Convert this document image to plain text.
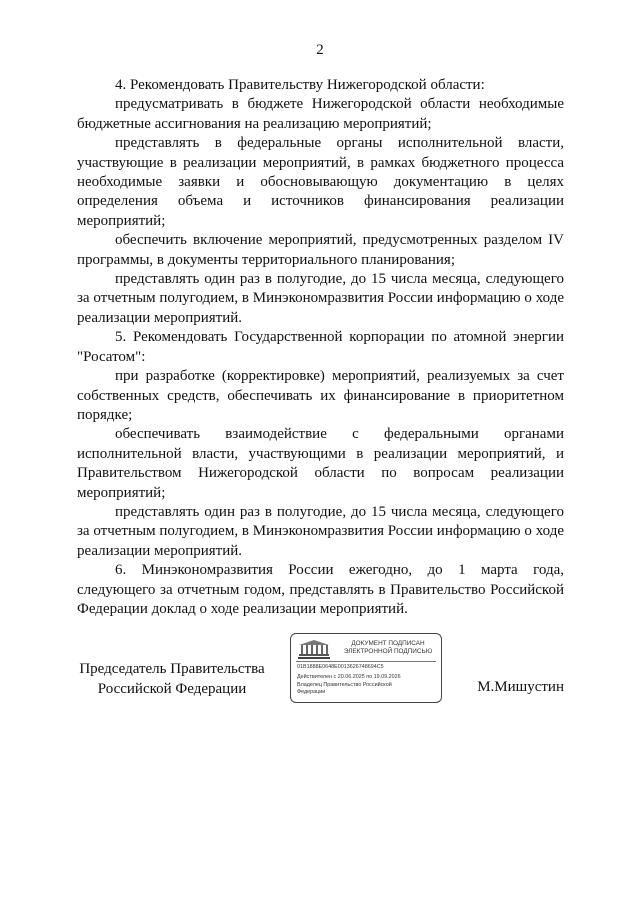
2

4. Рекомендовать Правительству Нижегородской области:

предусматривать в бюджете Нижегородской области необходимые бюджетные ассигнования на реализацию мероприятий;

представлять в федеральные органы исполнительной власти, участвующие в реализации мероприятий, в рамках бюджетного процесса необходимые заявки и обосновывающую документацию в целях определения объема и источников финансирования реализации мероприятий;

обеспечить включение мероприятий, предусмотренных разделом IV программы, в документы территориального планирования;

представлять один раз в полугодие, до 15 числа месяца, следующего за отчетным полугодием, в Минэкономразвития России информацию о ходе реализации мероприятий.

5. Рекомендовать Государственной корпорации по атомной энергии "Росатом":

при разработке (корректировке) мероприятий, реализуемых за счет собственных средств, обеспечивать их финансирование в приоритетном порядке;

обеспечивать взаимодействие с федеральными органами исполнительной власти, участвующими в реализации мероприятий, и Правительством Нижегородской области по вопросам реализации мероприятий;

представлять один раз в полугодие, до 15 числа месяца, следующего за отчетным полугодием, в Минэкономразвития России информацию о ходе реализации мероприятий.

6. Минэкономразвития России ежегодно, до 1 марта года, следующего за отчетным годом, представлять в Правительство Российской Федерации доклад о ходе реализации мероприятий.

Председатель Правительства
Российской Федерации
ДОКУМЕНТ ПОДПИСАН
ЭЛЕКТРОННОЙ ПОДПИСЬЮ
01B1888E0648E0013626748694C5
Действителен с 20.06.2025 по 19.09.2026
Владелец Правительство Российской
Федерации	М.Мишустин
